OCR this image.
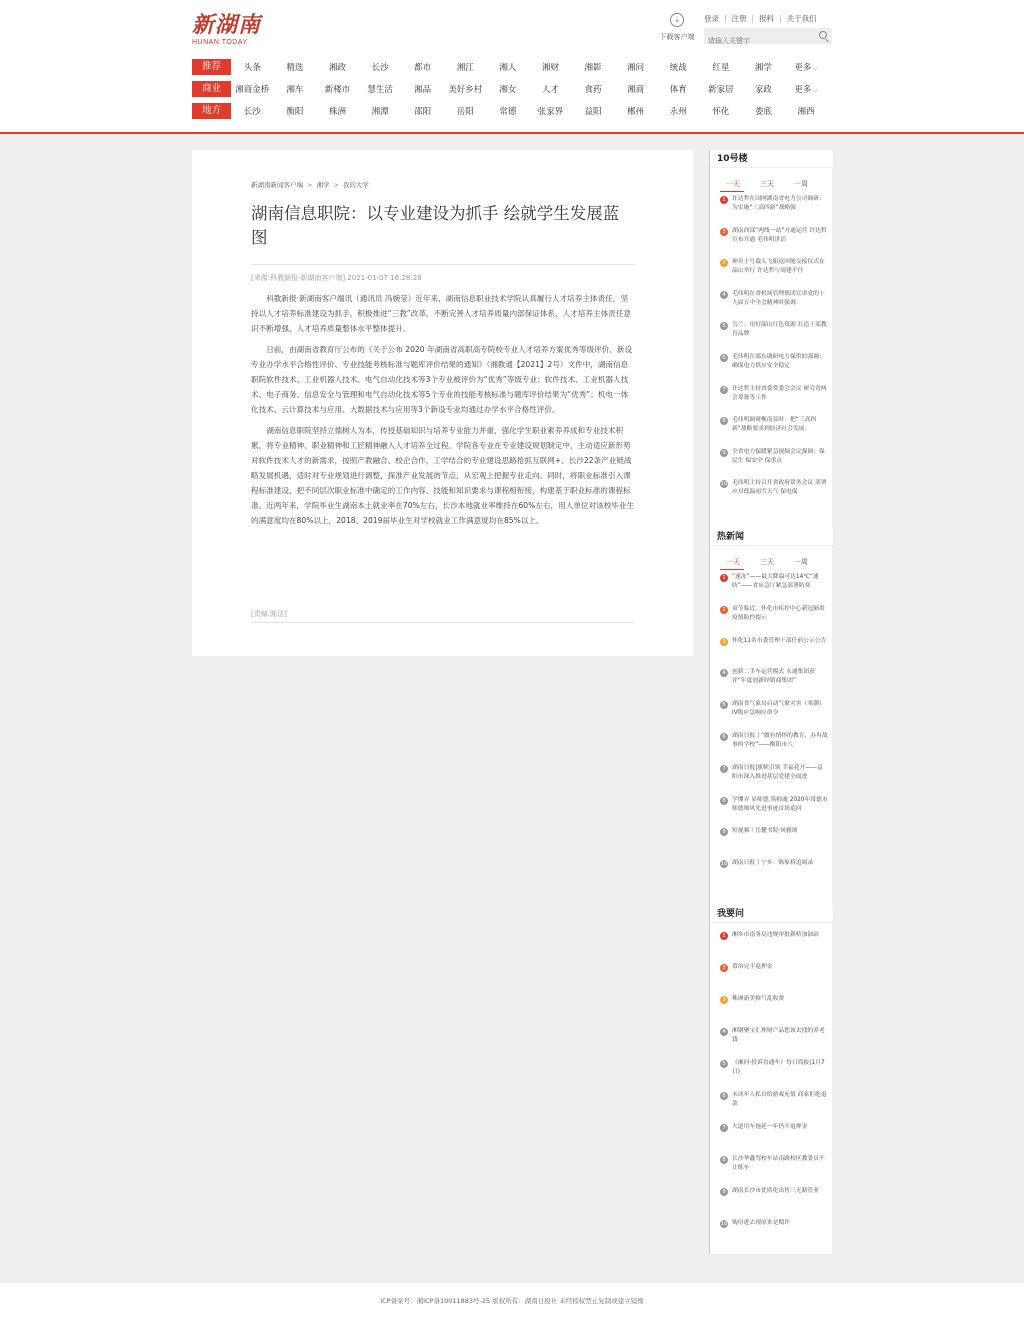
新湖南
HUNAN TODAY
⇣
下载客户端
登录 | 注册 | 报料 | 关于我们
请输入关键字
推荐	头条	精选	湘政	长沙	都市	湘江	湘人	湘财	湘影	湘问	统战	红星	湘学	更多 ⌵
商业	湘商金桥	湘车	新楼市	慧生活	湘品	美好乡村	湘女	人才	食药	湘商	体育	新家居	家政	更多 ⌵
地方	长沙	衡阳	株洲	湘潭	邵阳	岳阳	常德	张家界	益阳	郴州	永州	怀化	娄底	湘西
新湖南新闻客户端 > 湘学 > 我的大学
湖南信息职院：以专业建设为抓手 绘就学生发展蓝图
[来源:科教新报·新湖南客户端] 2021-01-07 16:28:28

科教新报·新湖南客户端讯（通讯员 冯婉莹）近年来，湖南信息职业技术学院认真履行人才培养主体责任，坚持以人才培养标准建设为抓手，积极推进“三教”改革，不断完善人才培养质量内部保证体系，人才培养主体责任意识不断增强，人才培养质量整体水平整体提升。

日前，由湖南省教育厅公布的《关于公布 2020 年湖南省高职高专院校专业人才培养方案优秀等级评价、新设专业办学水平合格性评价、专业技能考核标准与题库评价结果的通知》（湘教通【2021】2号）文件中，湖南信息职院软件技术、工业机器人技术、电气自动化技术等3个专业被评价为“优秀”等级专业；软件技术、工业机器人技术、电子商务、信息安全与管理和电气自动化技术等5个专业的技能考核标准与题库评价结果为“优秀”；机电一体化技术、云计算技术与应用、大数据技术与应用等3个新设专业均通过办学水平合格性评价。

湖南信息职院坚持立德树人为本，传授基础知识与培养专业能力并重，强化学生职业素养养成和专业技术积累，将专业精神、职业精神和工匠精神融入人才培养全过程。学院各专业在专业建设规划制定中，主动适应新形势对软件技术人才的新需求，按照产教融合、校企合作，工学结合的专业建设思路抢抓互联网+、长沙22条产业链战略发展机遇，适时对专业规划进行调整，探准产业发展的节点，从宏观上把握专业走向。同时，将职业标准引入课程标准建设，把不同层次职业标准中确定的工作内容、技能和知识要求与课程相衔接，构建基于职业标准的课程标准。近两年来，学院毕业生湖南本土就业率在70%左右，长沙本地就业率维持在60%左右，用人单位对该校毕业生的满意度均在80%以上，2018、2019届毕业生对学校就业工作满意度均在85%以上。

[责编:陈洁]
10号楼
一天	三天	一周
1	许达哲在国网湖南省电力公司调研：为实施“三高四新”战略强
2	湖南西部“两线一站”开通运营 许达哲宣布开通 毛伟明讲话
3	神舟十号载人飞船返回舱交接仪式在韶山举行 许达哲与周建平任
4	毛伟明在省机场管理集团宣讲党的十九届五中全会精神时强调：
5	乌兰：用好韶山红色资源 打造干部教育品牌
6	毛伟明在邵东调研电力保供时强调：确保电力供应安全稳定
7	许达哲主持省委常委会会议 研究省两会筹备等工作
8	毛伟明调研衡南县时：把“三高四新”战略要求到经济社会发展
9	全省电力保暖紧急视频会议强调：保民生 保安全 保重点
10 毛伟明主持召开省政府常务会议 部署应对低温雨雪天气 保电保
热新闻
一天	三天	一周
1	“速冻”——最大降温可达14℃“速防”——省应急厅紧急部署防寒
2	双节临近，怀化市疾控中心新冠肺炎疫情防控提示
3	怀化11名市委管理干部任前公示公告
4	创新二手车运营模式 永通集团获评“年度创新经销商集团”
5	湖南省气象局启动气象灾害（寒潮）IV级应急响应命令
6	湖南日报丨“做有情怀的教育，办有故事的学校”——衡阳市八
7	湖南日报|旗帜引领 幸福花开——益阳市深入推进基层党建全面进
8	学懂弄 显师德 筑师魂 2020年常德市师德师风先进事迹首场巡回
9	短视频｜岳麓书院·风雅颂
10 湖南日报丨宁乡：陈家桥追阅录
我要问
1	湘乡市南务局违规审批新桥加油站
2	慕治完不退押金
3	株洲新美修气乱收费
4	湘钢聚宝汇理财产品您该去找的养老钱
5	《湘问·投诉直通车》每日简报(1月7日)
6	未成年人私自给游戏充值 商家拒绝退款
7	大道用车拖延一年仍不退押金
8	长沙华鑫驾校车站南路校区教委员不让练车
9	湖南长沙市优质化出售三无制管业
10 购房进去现原来是期许
ICP备案号：湘ICP备10011883号-25 版权所有：湖南日报社 未经授权禁止复制或建立镜像
